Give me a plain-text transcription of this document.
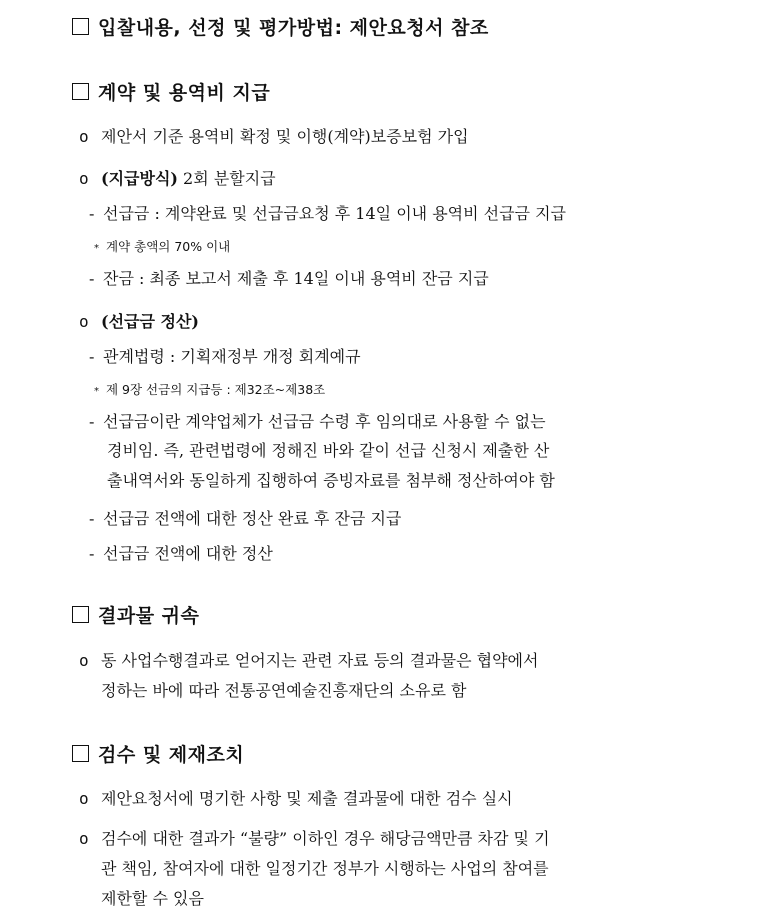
입찰내용, 선정 및 평가방법: 제안요청서 참조
계약 및 용역비 지급
o 제안서 기준 용역비 확정 및 이행(계약)보증보험 가입
o (지급방식) 2회 분할지급
- 선급금 : 계약완료 및 선급금요청 후 14일 이내 용역비 선급금 지급
* 계약 총액의 70% 이내
- 잔금 : 최종 보고서 제출 후 14일 이내 용역비 잔금 지급
o (선급금 정산)
- 관계법령 : 기획재정부 개정 회계예규
* 제 9장 선금의 지급등 : 제32조~제38조
- 선급금이란 계약업체가 선급금 수령 후 임의대로 사용할 수 없는
경비임. 즉, 관련법령에 정해진 바와 같이 선급 신청시 제출한 산
출내역서와 동일하게 집행하여 증빙자료를 첨부해 정산하여야 함
- 선급금 전액에 대한 정산 완료 후 잔금 지급
- 선급금 전액에 대한 정산
결과물 귀속
o 동 사업수행결과로 얻어지는 관련 자료 등의 결과물은 협약에서
정하는 바에 따라 전통공연예술진흥재단의 소유로 함
검수 및 제재조치
o 제안요청서에 명기한 사항 및 제출 결과물에 대한 검수 실시
o 검수에 대한 결과가 “불량” 이하인 경우 해당금액만큼 차감 및 기
관 책임, 참여자에 대한 일정기간 정부가 시행하는 사업의 참여를
제한할 수 있음
